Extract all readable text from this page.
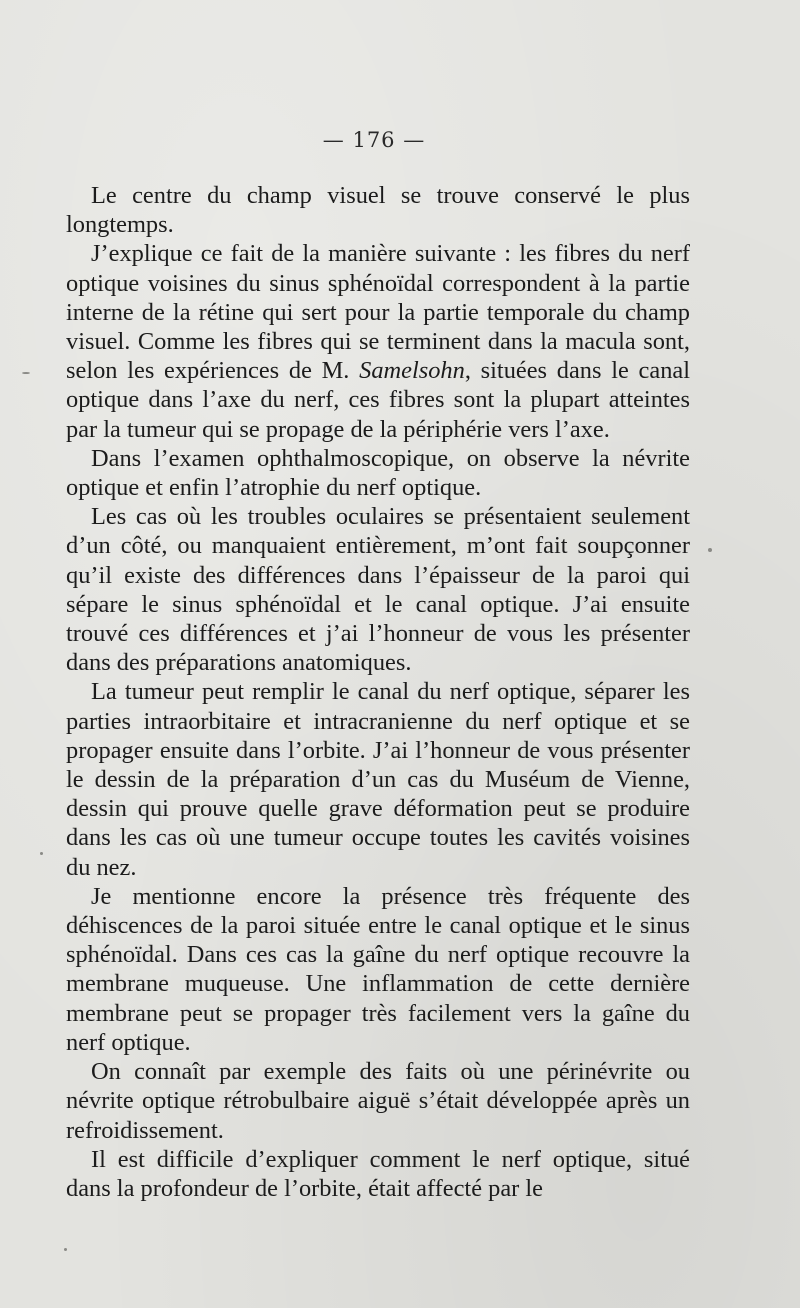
— 176 —

Le centre du champ visuel se trouve conservé le plus longtemps.

J’explique ce fait de la manière suivante : les fibres du nerf optique voisines du sinus sphénoïdal correspondent à la partie interne de la rétine qui sert pour la partie temporale du champ visuel. Comme les fibres qui se terminent dans la macula sont, selon les expériences de M. Samelsohn, situées dans le canal optique dans l’axe du nerf, ces fibres sont la plupart atteintes par la tumeur qui se propage de la périphérie vers l’axe.

Dans l’examen ophthalmoscopique, on observe la névrite optique et enfin l’atrophie du nerf optique.

Les cas où les troubles oculaires se présentaient seulement d’un côté, ou manquaient entièrement, m’ont fait soupçonner qu’il existe des différences dans l’épaisseur de la paroi qui sépare le sinus sphénoïdal et le canal optique. J’ai ensuite trouvé ces différences et j’ai l’honneur de vous les présenter dans des préparations anatomiques.

La tumeur peut remplir le canal du nerf optique, séparer les parties intraorbitaire et intracranienne du nerf optique et se propager ensuite dans l’orbite. J’ai l’honneur de vous présenter le dessin de la préparation d’un cas du Muséum de Vienne, dessin qui prouve quelle grave déformation peut se produire dans les cas où une tumeur occupe toutes les cavités voisines du nez.

Je mentionne encore la présence très fréquente des déhiscences de la paroi située entre le canal optique et le sinus sphénoïdal. Dans ces cas la gaîne du nerf optique recouvre la membrane muqueuse. Une inflammation de cette dernière membrane peut se propager très facilement vers la gaîne du nerf optique.

On connaît par exemple des faits où une périnévrite ou névrite optique rétrobulbaire aiguë s’était développée après un refroidissement.

Il est difficile d’expliquer comment le nerf optique, situé dans la profondeur de l’orbite, était affecté par le
